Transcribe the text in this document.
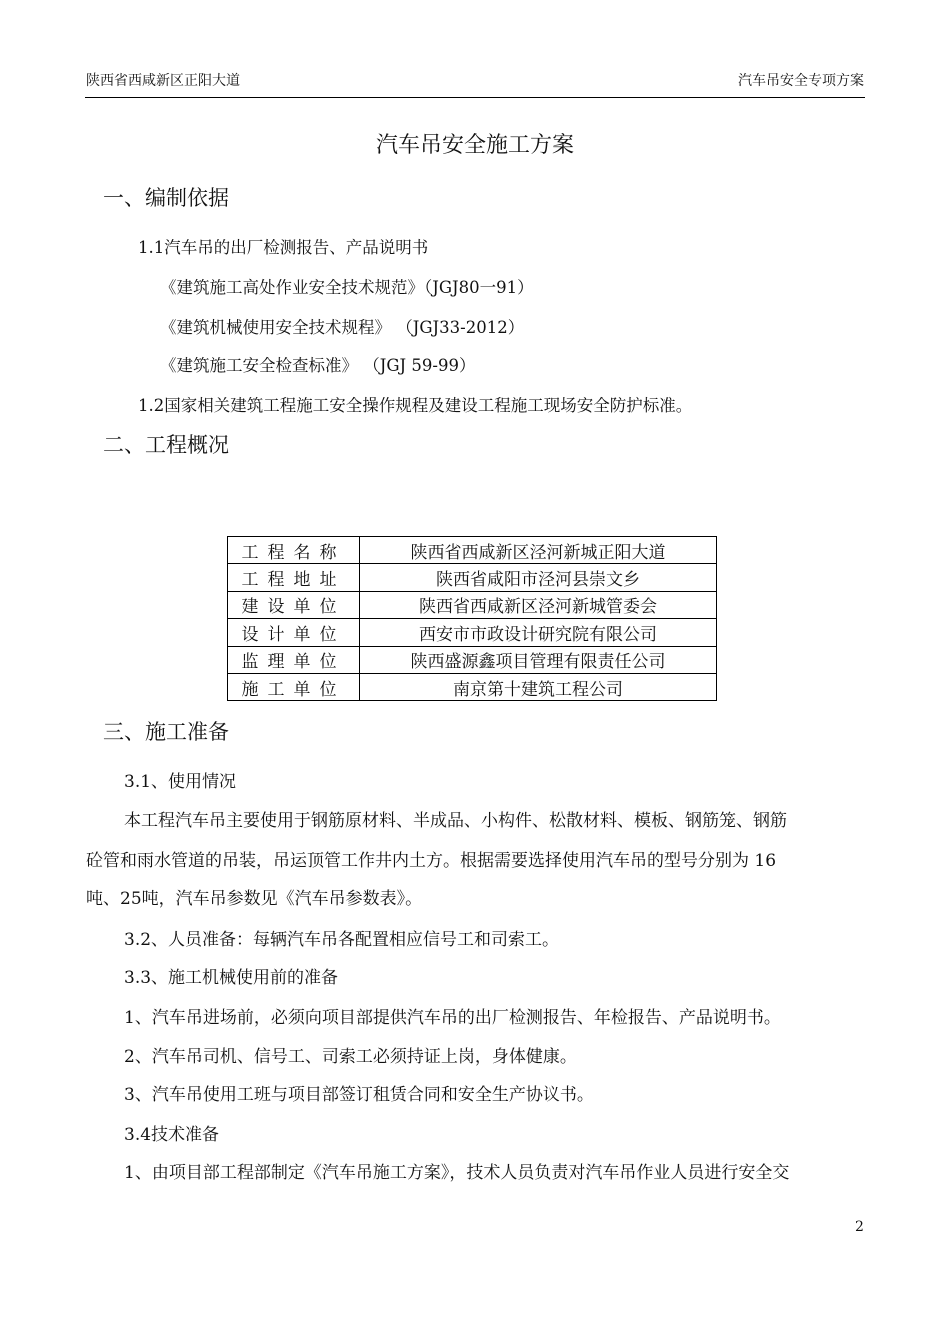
陕西省西咸新区正阳大道	汽车吊安全专项方案
汽车吊安全施工方案
一、编制依据
1.1汽车吊的出厂检测报告、产品说明书
《建筑施工高处作业安全技术规范》（JGJ80一91）
《建筑机械使用安全技术规程》 （JGJ33-2012）
《建筑施工安全检查标准》 （JGJ 59-99）
1.2国家相关建筑工程施工安全操作规程及建设工程施工现场安全防护标准。
二、工程概况
工程名称	陕西省西咸新区泾河新城正阳大道
工程地址	陕西省咸阳市泾河县崇文乡
建设单位	陕西省西咸新区泾河新城管委会
设计单位	西安市市政设计研究院有限公司
监理单位	陕西盛源鑫项目管理有限责任公司
施工单位	南京第十建筑工程公司
三、施工准备
3.1、使用情况
本工程汽车吊主要使用于钢筋原材料、半成品、小构件、松散材料、模板、钢筋笼、钢筋
砼管和雨水管道的吊装，吊运顶管工作井内土方。根据需要选择使用汽车吊的型号分别为 16
吨、25吨，汽车吊参数见《汽车吊参数表》。
3.2、人员准备：每辆汽车吊各配置相应信号工和司索工。
3.3、施工机械使用前的准备
1、汽车吊进场前，必须向项目部提供汽车吊的出厂检测报告、年检报告、产品说明书。
2、汽车吊司机、信号工、司索工必须持证上岗，身体健康。
3、汽车吊使用工班与项目部签订租赁合同和安全生产协议书。
3.4技术准备
1、由项目部工程部制定《汽车吊施工方案》，技术人员负责对汽车吊作业人员进行安全交
2
